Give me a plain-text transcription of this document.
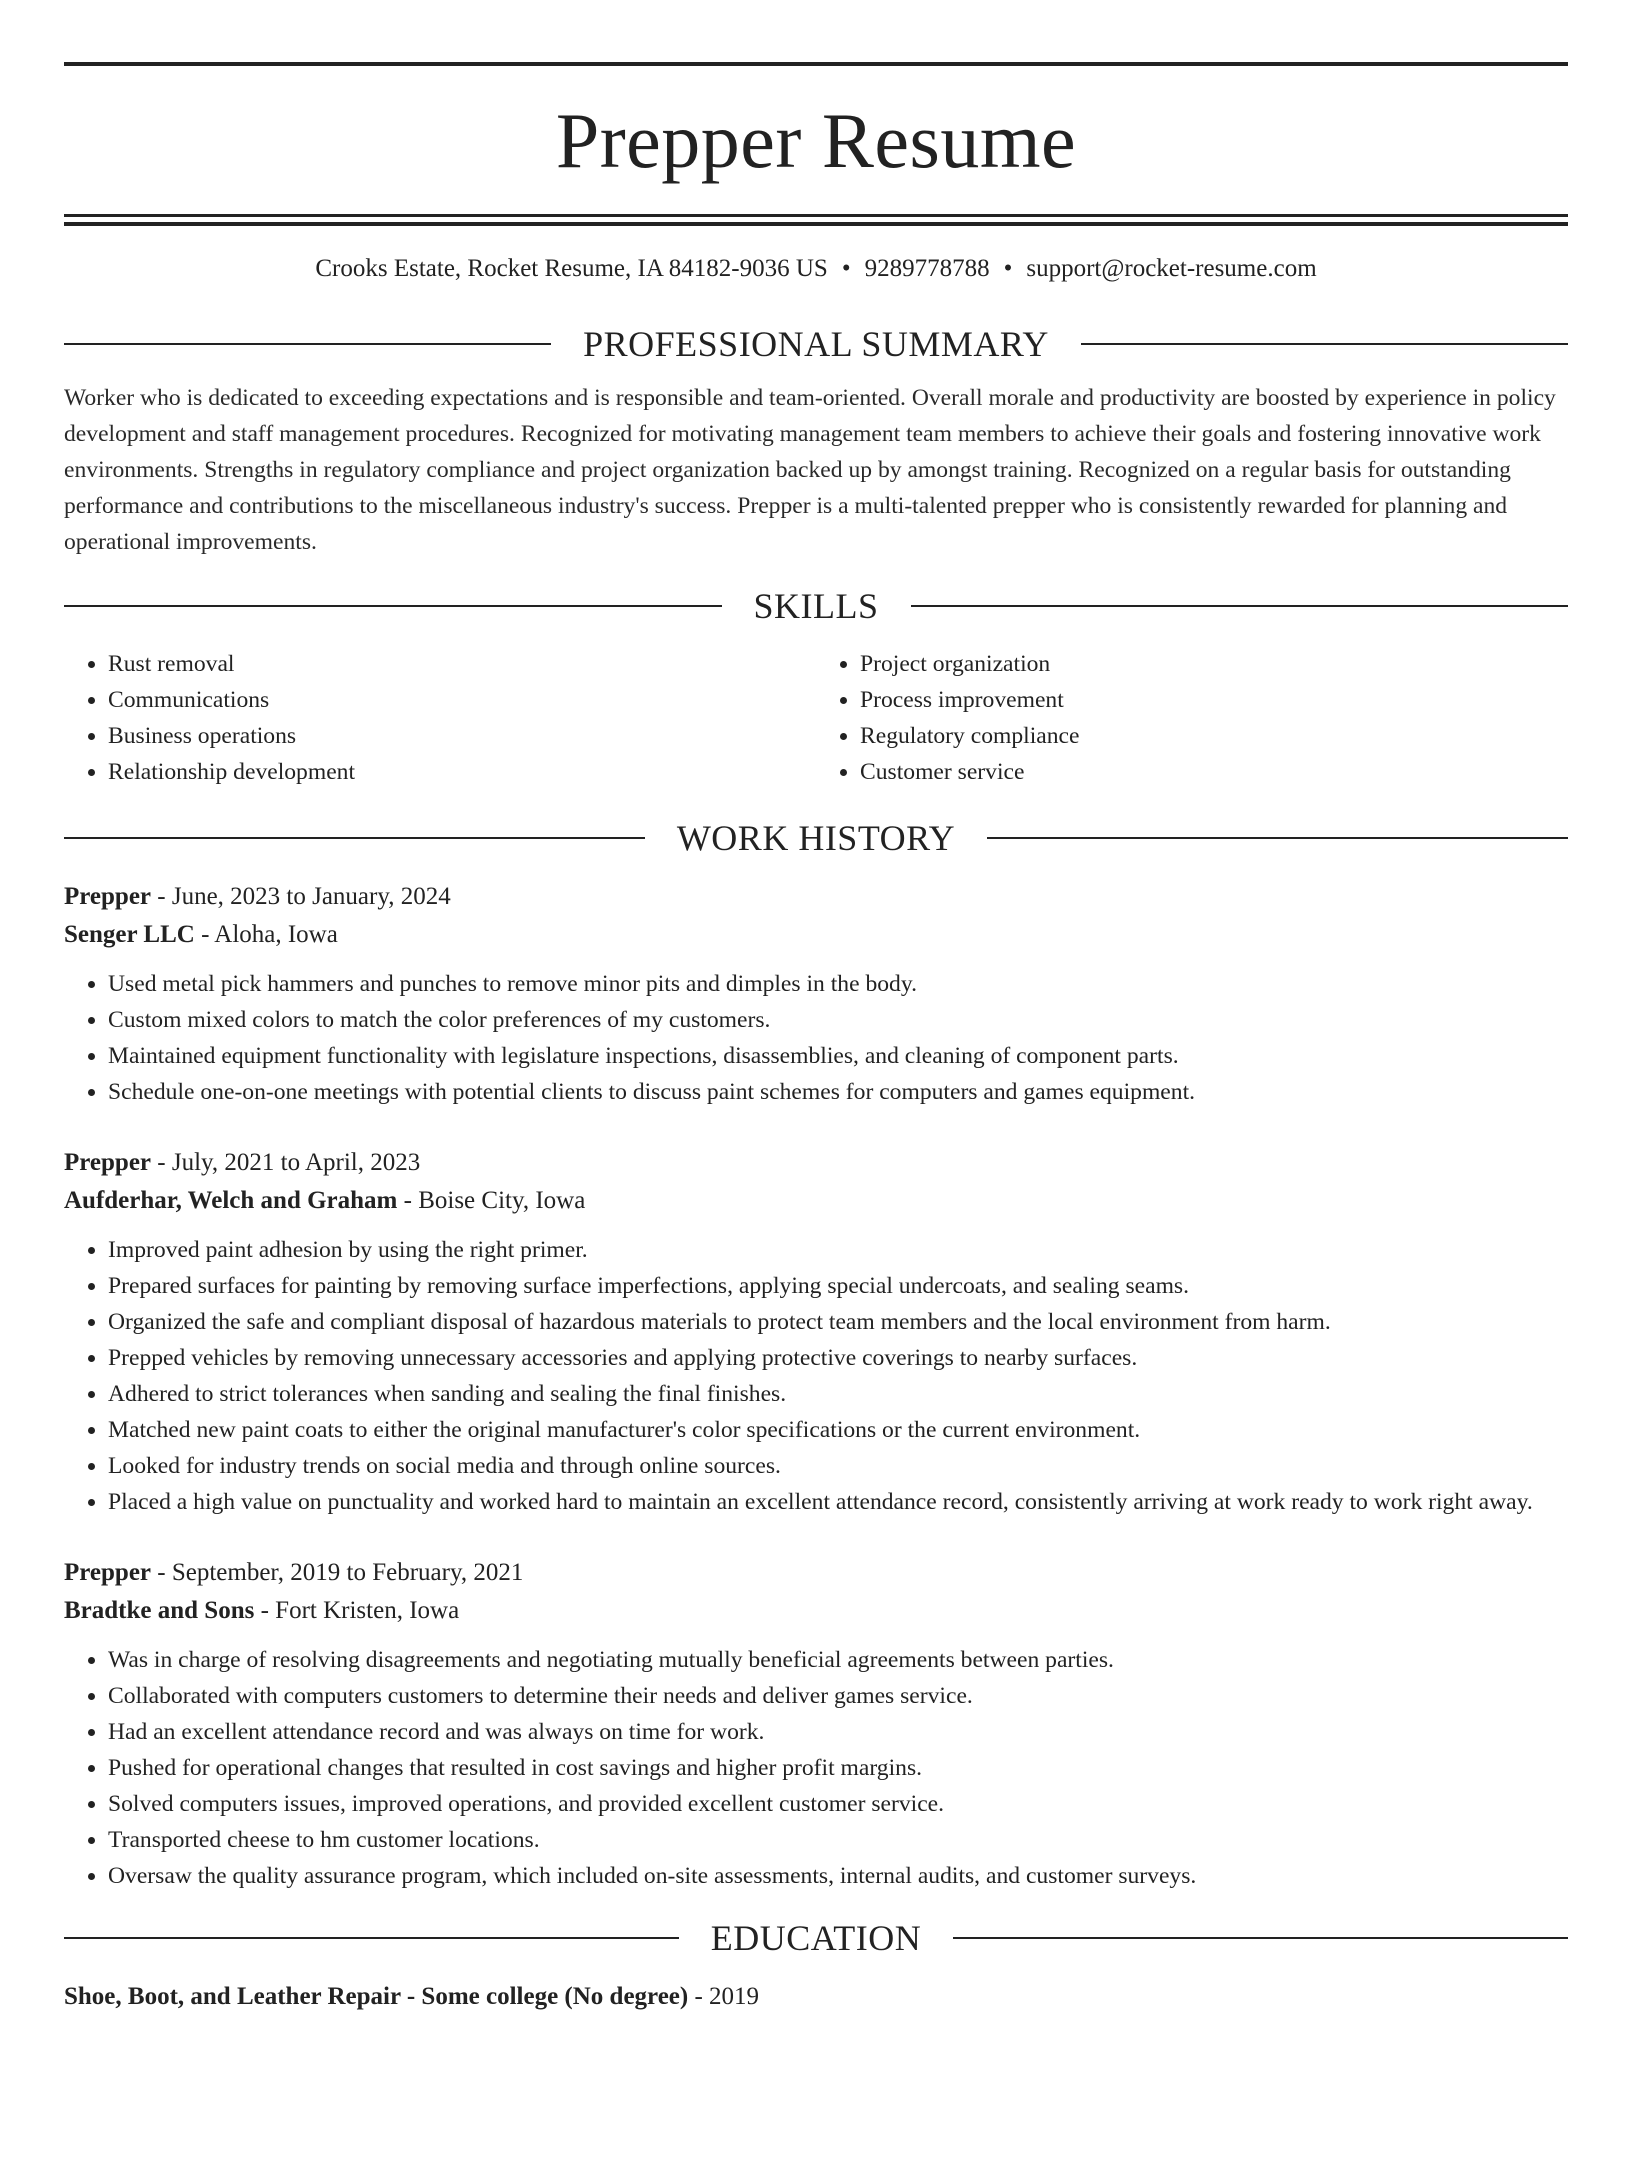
Prepper Resume
Crooks Estate, Rocket Resume, IA 84182-9036 US • 9289778788 • support@rocket-resume.com
PROFESSIONAL SUMMARY
Worker who is dedicated to exceeding expectations and is responsible and team-oriented. Overall morale and productivity are boosted by experience in policy development and staff management procedures. Recognized for motivating management team members to achieve their goals and fostering innovative work environments. Strengths in regulatory compliance and project organization backed up by amongst training. Recognized on a regular basis for outstanding performance and contributions to the miscellaneous industry's success. Prepper is a multi-talented prepper who is consistently rewarded for planning and operational improvements.
SKILLS
• Rust removal
• Communications
• Business operations
• Relationship development
• Project organization
• Process improvement
• Regulatory compliance
• Customer service
WORK HISTORY
Prepper - June, 2023 to January, 2024
Senger LLC - Aloha, Iowa
• Used metal pick hammers and punches to remove minor pits and dimples in the body.
• Custom mixed colors to match the color preferences of my customers.
• Maintained equipment functionality with legislature inspections, disassemblies, and cleaning of component parts.
• Schedule one-on-one meetings with potential clients to discuss paint schemes for computers and games equipment.
Prepper - July, 2021 to April, 2023
Aufderhar, Welch and Graham - Boise City, Iowa
• Improved paint adhesion by using the right primer.
• Prepared surfaces for painting by removing surface imperfections, applying special undercoats, and sealing seams.
• Organized the safe and compliant disposal of hazardous materials to protect team members and the local environment from harm.
• Prepped vehicles by removing unnecessary accessories and applying protective coverings to nearby surfaces.
• Adhered to strict tolerances when sanding and sealing the final finishes.
• Matched new paint coats to either the original manufacturer's color specifications or the current environment.
• Looked for industry trends on social media and through online sources.
• Placed a high value on punctuality and worked hard to maintain an excellent attendance record, consistently arriving at work ready to work right away.
Prepper - September, 2019 to February, 2021
Bradtke and Sons - Fort Kristen, Iowa
• Was in charge of resolving disagreements and negotiating mutually beneficial agreements between parties.
• Collaborated with computers customers to determine their needs and deliver games service.
• Had an excellent attendance record and was always on time for work.
• Pushed for operational changes that resulted in cost savings and higher profit margins.
• Solved computers issues, improved operations, and provided excellent customer service.
• Transported cheese to hm customer locations.
• Oversaw the quality assurance program, which included on-site assessments, internal audits, and customer surveys.
EDUCATION
Shoe, Boot, and Leather Repair - Some college (No degree) - 2019
